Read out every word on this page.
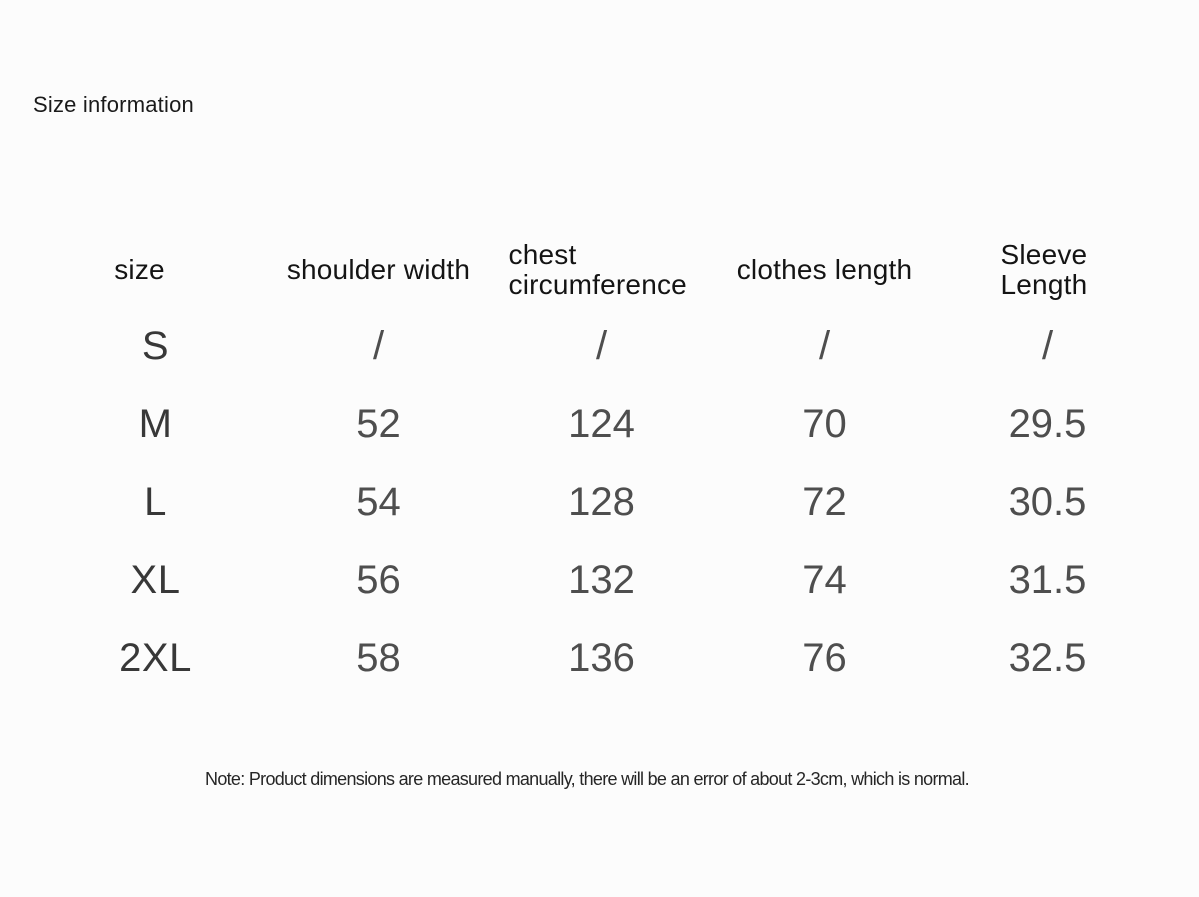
Size information
size	shoulder width	chest circumference	clothes length	Sleeve Length
S	/	/	/	/
M	52	124	70	29.5
L	54	128	72	30.5
XL	56	132	74	31.5
2XL	58	136	76	32.5
Note: Product dimensions are measured manually, there will be an error of about 2-3cm, which is normal.
